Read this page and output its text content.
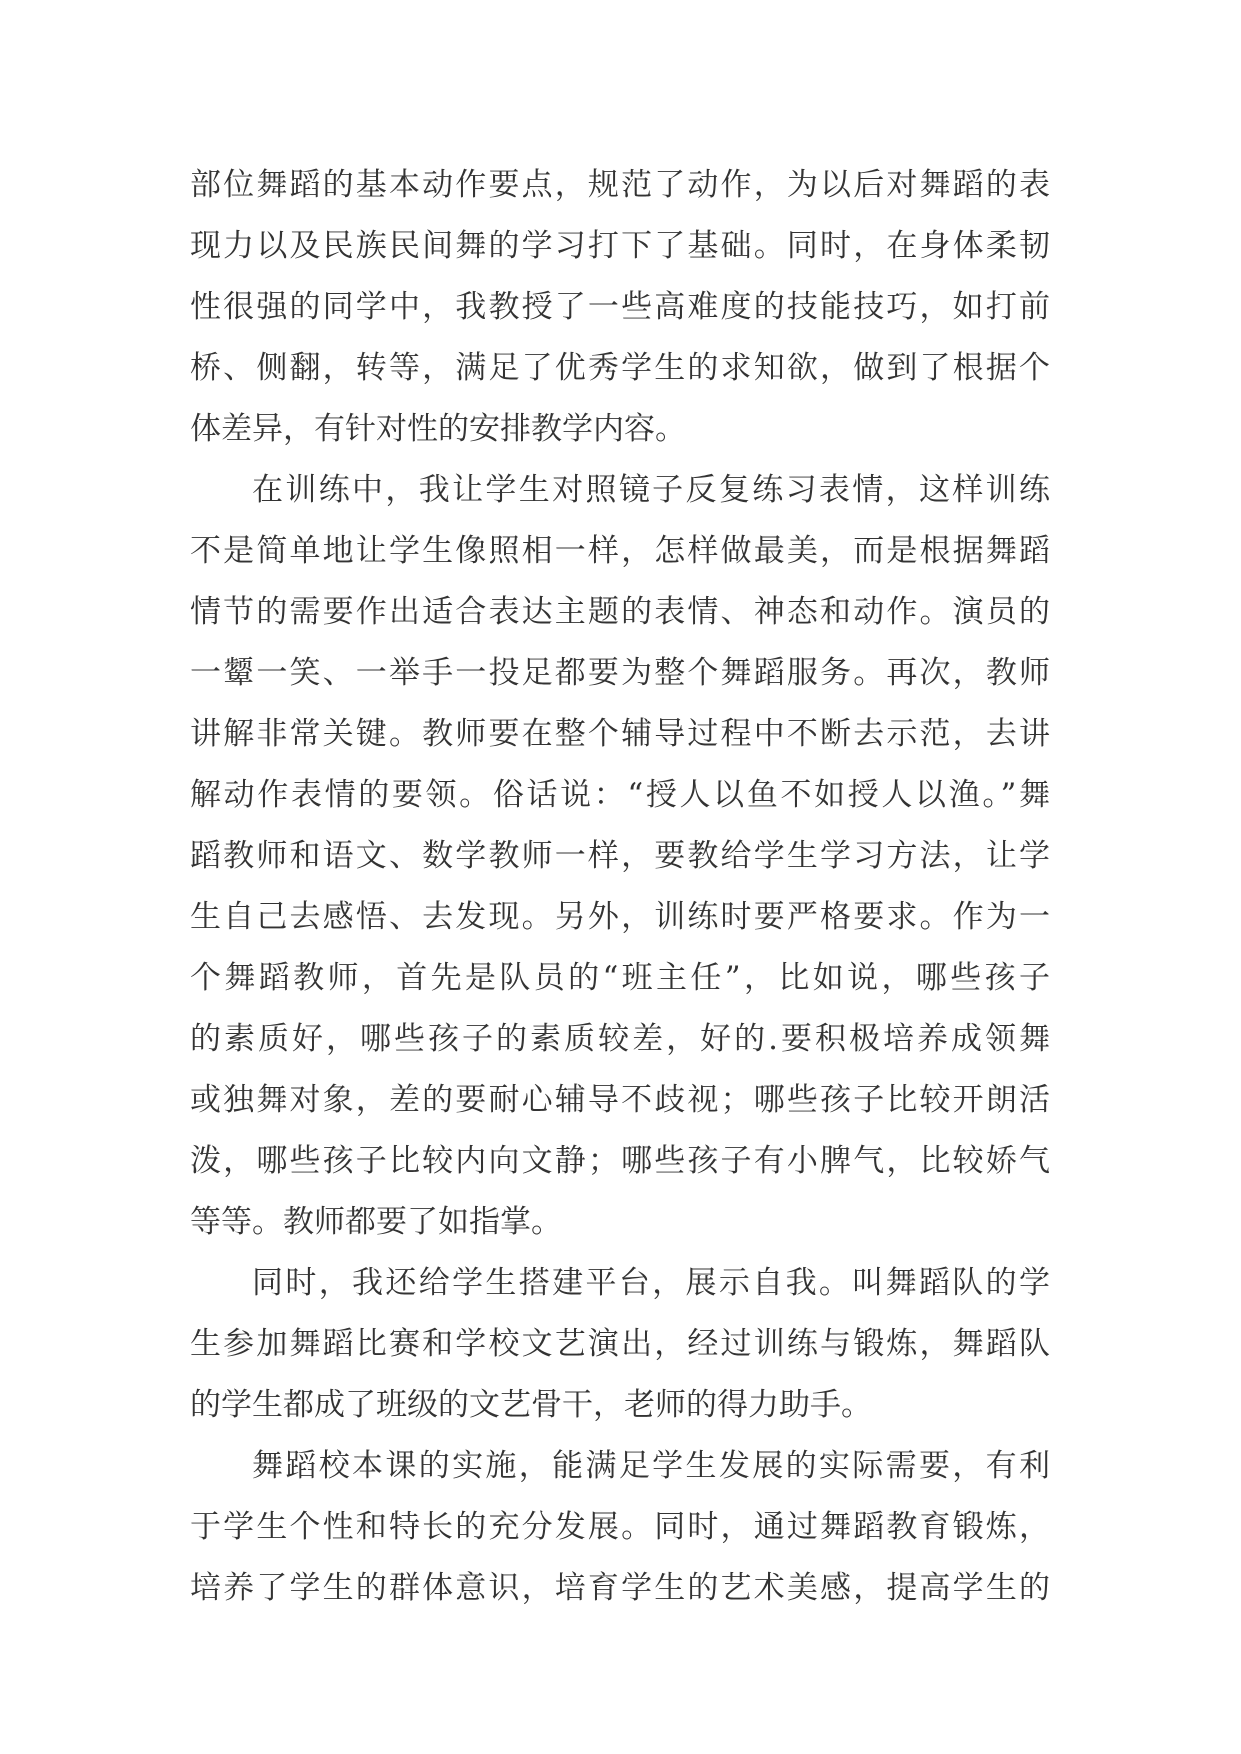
部位舞蹈的基本动作要点，规范了动作，为以后对舞蹈的表
现力以及民族民间舞的学习打下了基础。同时，在身体柔韧
性很强的同学中，我教授了一些高难度的技能技巧，如打前
桥、侧翻，转等，满足了优秀学生的求知欲，做到了根据个
体差异，有针对性的安排教学内容。
在训练中，我让学生对照镜子反复练习表情，这样训练
不是简单地让学生像照相一样，怎样做最美，而是根据舞蹈
情节的需要作出适合表达主题的表情、神态和动作。演员的
一颦一笑、一举手一投足都要为整个舞蹈服务。再次，教师
讲解非常关键。教师要在整个辅导过程中不断去示范，去讲
解动作表情的要领。俗话说：“授人以鱼不如授人以渔。”舞
蹈教师和语文、数学教师一样，要教给学生学习方法，让学
生自己去感悟、去发现。另外，训练时要严格要求。作为一
个舞蹈教师，首先是队员的“班主任”，比如说，哪些孩子
的素质好，哪些孩子的素质较差，好的.要积极培养成领舞
或独舞对象，差的要耐心辅导不歧视；哪些孩子比较开朗活
泼，哪些孩子比较内向文静；哪些孩子有小脾气，比较娇气
等等。教师都要了如指掌。
同时，我还给学生搭建平台，展示自我。叫舞蹈队的学
生参加舞蹈比赛和学校文艺演出，经过训练与锻炼，舞蹈队
的学生都成了班级的文艺骨干，老师的得力助手。
舞蹈校本课的实施，能满足学生发展的实际需要，有利
于学生个性和特长的充分发展。同时，通过舞蹈教育锻炼，
培养了学生的群体意识，培育学生的艺术美感，提高学生的
